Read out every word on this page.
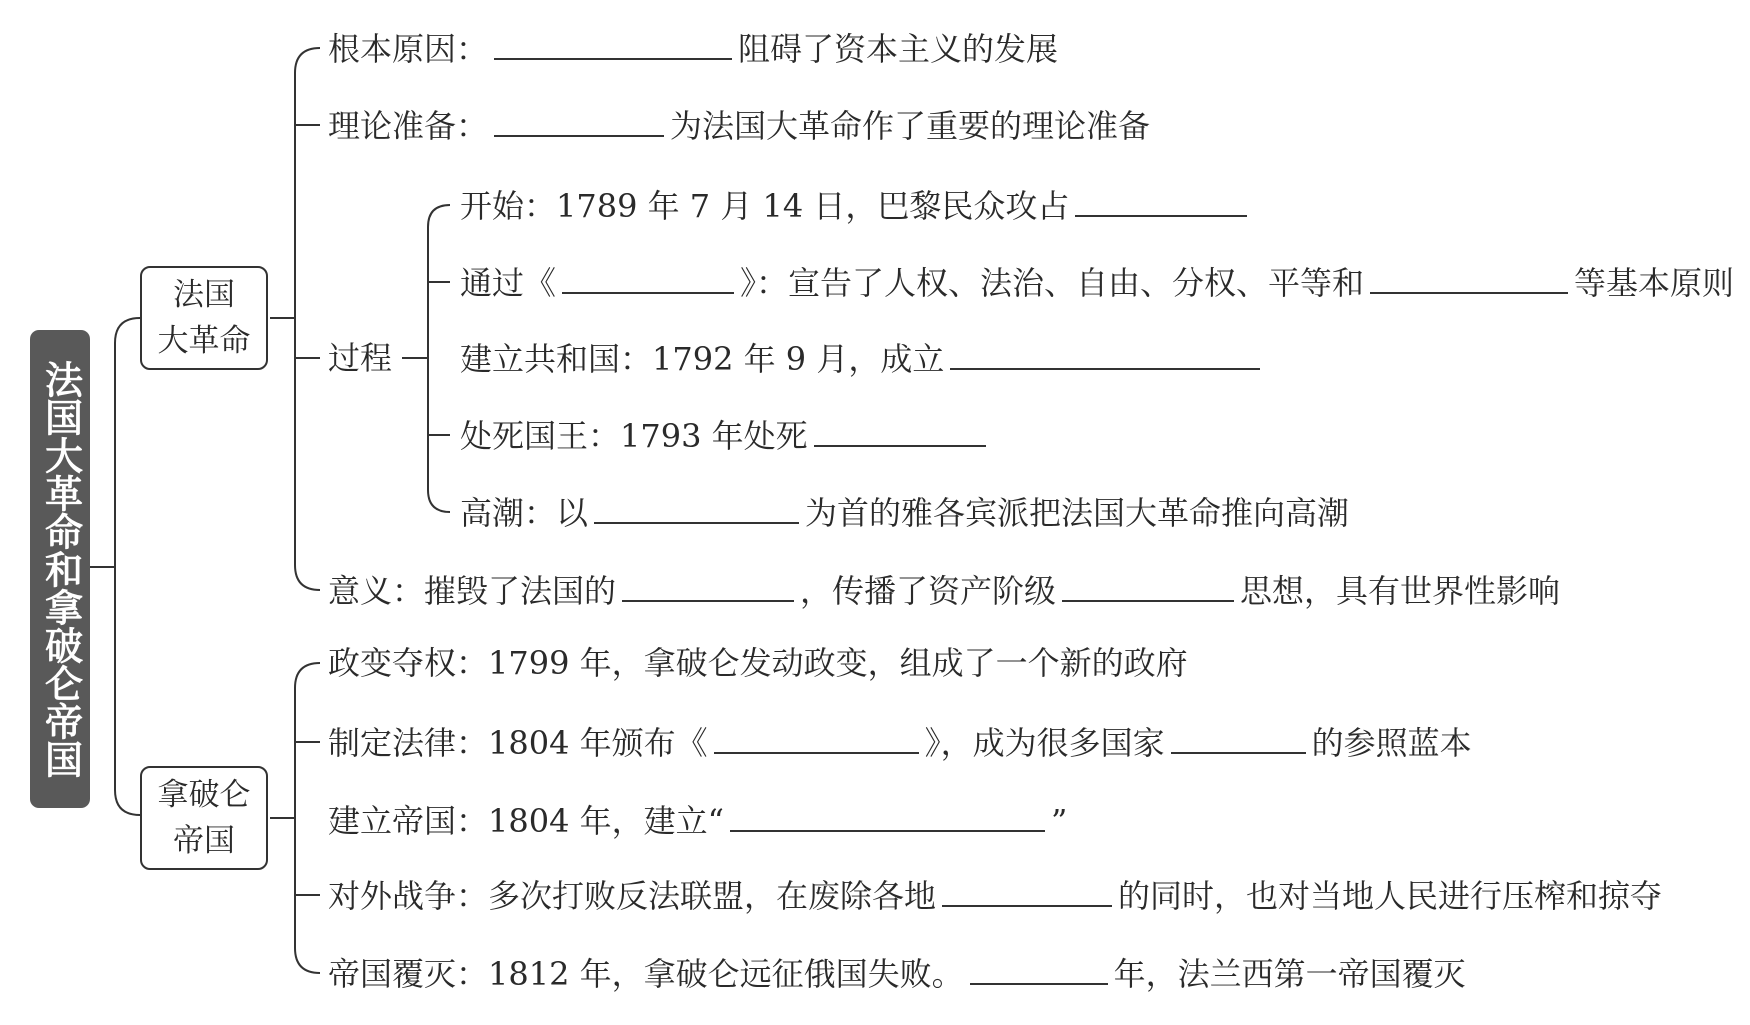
法国大革命和拿破仑帝国
法国
大革命
拿破仑
帝国
根本原因：	阻碍了资本主义的发展
理论准备：	为法国大革命作了重要的理论准备
过程
开始：1789 年 7 月 14 日，巴黎民众攻占
通过《	》：宣告了人权、法治、自由、分权、平等和	等基本原则
建立共和国：1792 年 9 月，成立
处死国王：1793 年处死
高潮：以	为首的雅各宾派把法国大革命推向高潮
意义：摧毁了法国的	，传播了资产阶级	思想，具有世界性影响
政变夺权：1799 年，拿破仑发动政变，组成了一个新的政府
制定法律：1804 年颁布《	》，成为很多国家	的参照蓝本
建立帝国：1804 年，建立“	”
对外战争：多次打败反法联盟，在废除各地	的同时，也对当地人民进行压榨和掠夺
帝国覆灭：1812 年，拿破仑远征俄国失败。	年，法兰西第一帝国覆灭
